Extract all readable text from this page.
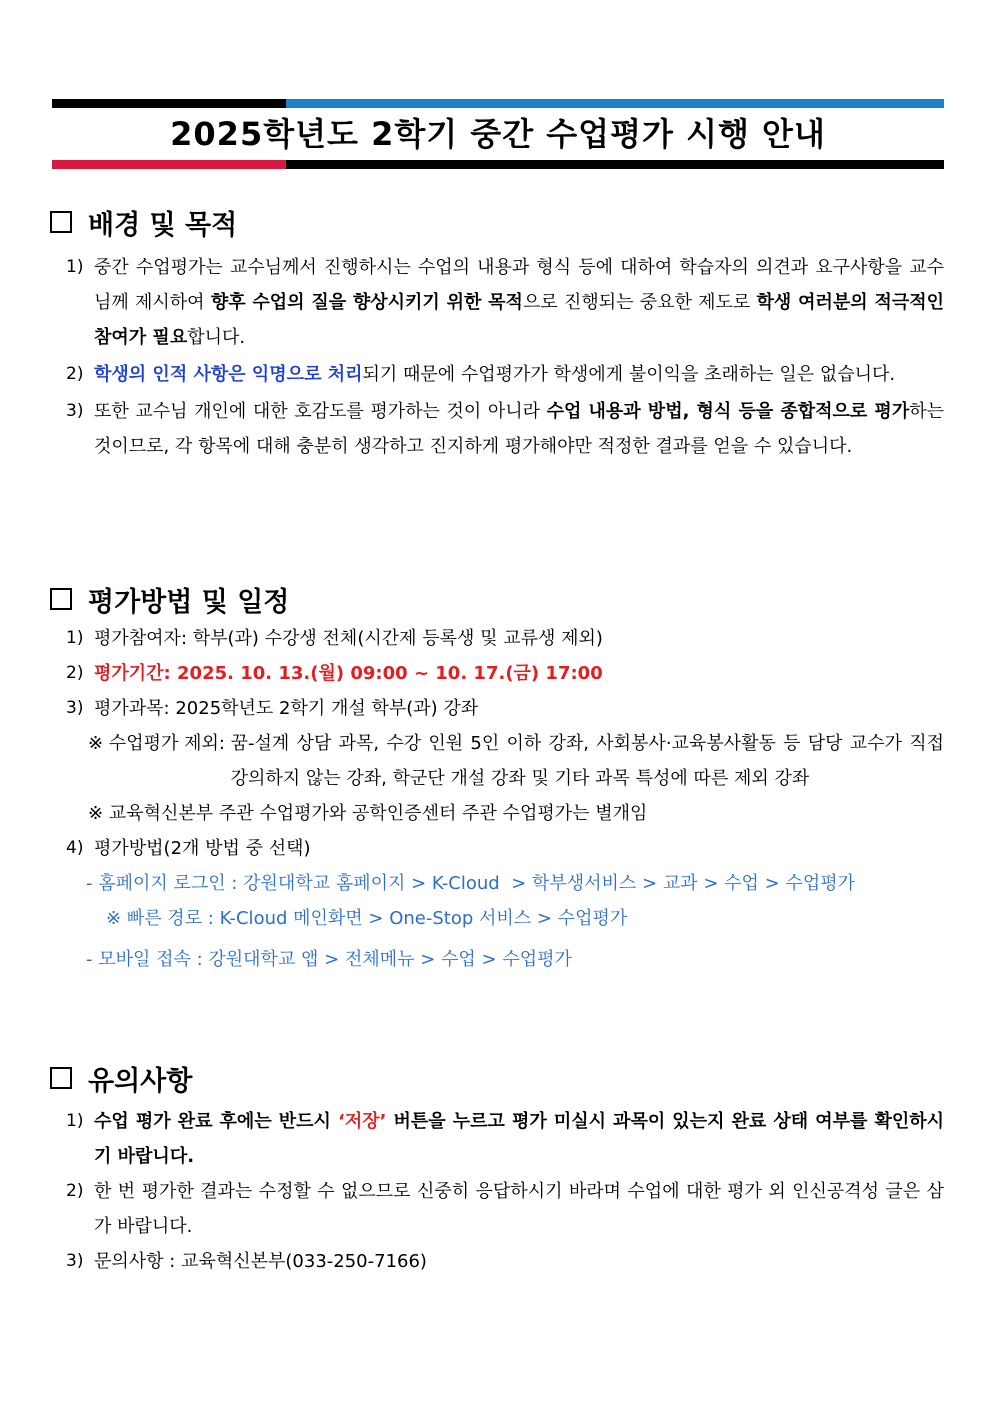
2025학년도 2학기 중간 수업평가 시행 안내
배경 및 목적
1) 중간 수업평가는 교수님께서 진행하시는 수업의 내용과 형식 등에 대하여 학습자의 의견과 요구사항을 교수님께 제시하여 향후 수업의 질을 향상시키기 위한 목적으로 진행되는 중요한 제도로 학생 여러분의 적극적인 참여가 필요합니다.
2) 학생의 인적 사항은 익명으로 처리되기 때문에 수업평가가 학생에게 불이익을 초래하는 일은 없습니다.
3) 또한 교수님 개인에 대한 호감도를 평가하는 것이 아니라 수업 내용과 방법, 형식 등을 종합적으로 평가하는 것이므로, 각 항목에 대해 충분히 생각하고 진지하게 평가해야만 적정한 결과를 얻을 수 있습니다.
평가방법 및 일정
1) 평가참여자: 학부(과) 수강생 전체(시간제 등록생 및 교류생 제외)
2) 평가기간: 2025. 10. 13.(월) 09:00 ~ 10. 17.(금) 17:00
3) 평가과목: 2025학년도 2학기 개설 학부(과) 강좌
※ 수업평가 제외: 꿈-설계 상담 과목, 수강 인원 5인 이하 강좌, 사회봉사·교육봉사활동 등 담당 교수가 직접 강의하지 않는 강좌, 학군단 개설 강좌 및 기타 과목 특성에 따른 제외 강좌
※ 교육혁신본부 주관 수업평가와 공학인증센터 주관 수업평가는 별개임
4) 평가방법(2개 방법 중 선택)
- 홈페이지 로그인 : 강원대학교 홈페이지 > K-Cloud  > 학부생서비스 > 교과 > 수업 > 수업평가
※ 빠른 경로 : K-Cloud 메인화면 > One-Stop 서비스 > 수업평가
- 모바일 접속 : 강원대학교 앱 > 전체메뉴 > 수업 > 수업평가
유의사항
1) 수업 평가 완료 후에는 반드시 ‘저장’ 버튼을 누르고 평가 미실시 과목이 있는지 완료 상태 여부를 확인하시기 바랍니다.
2) 한 번 평가한 결과는 수정할 수 없으므로 신중히 응답하시기 바라며 수업에 대한 평가 외 인신공격성 글은 삼가 바랍니다.
3) 문의사항 : 교육혁신본부(033-250-7166)
